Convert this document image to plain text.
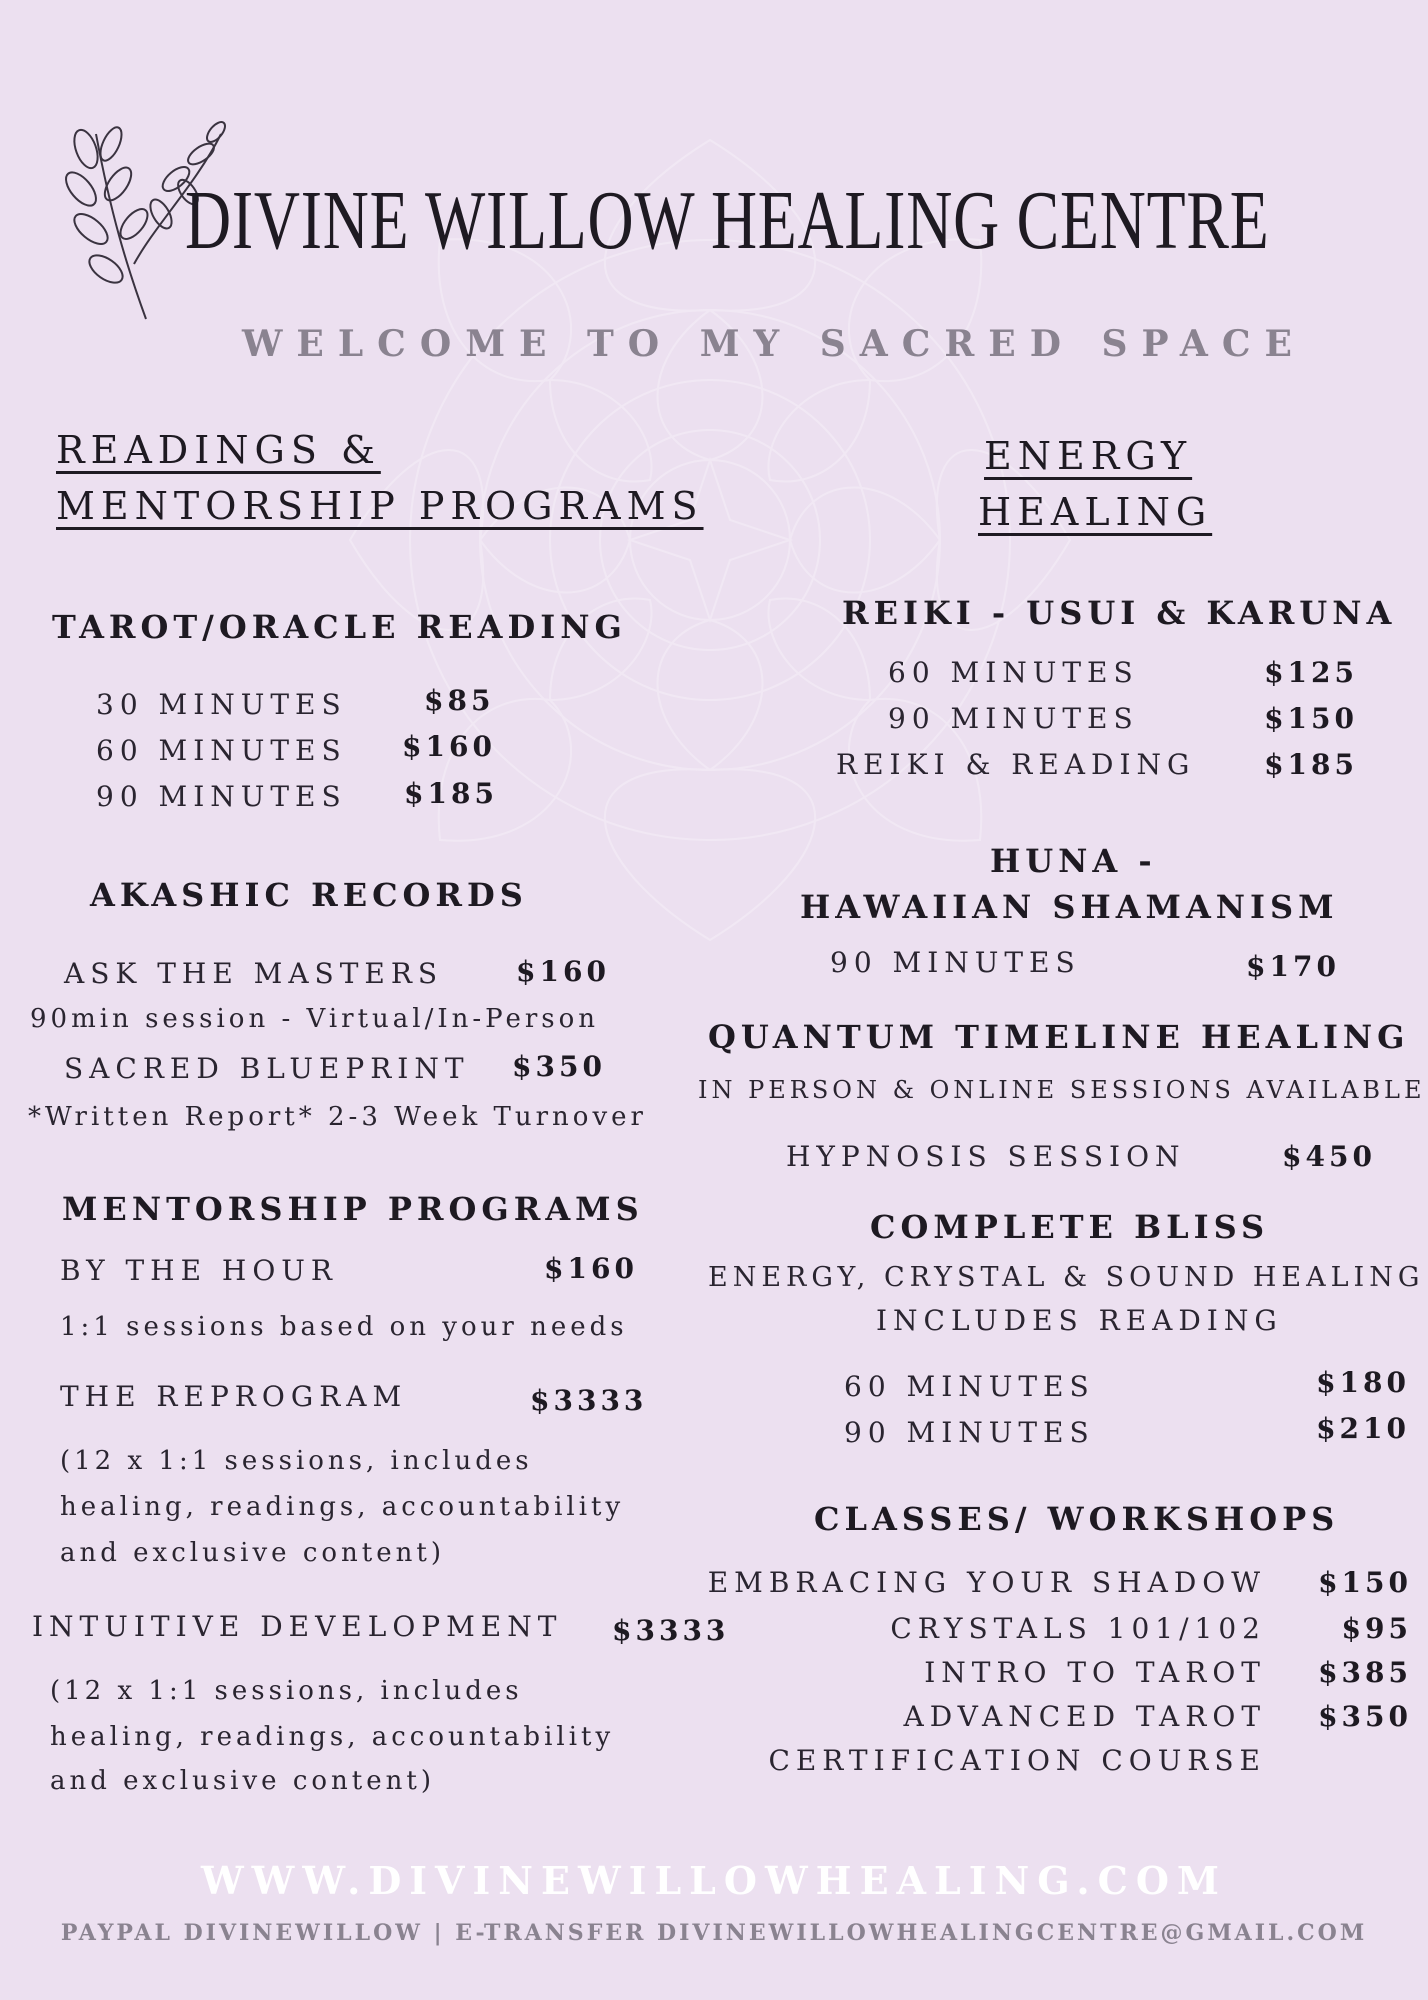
DIVINE WILLOW HEALING CENTRE
WELCOME TO MY SACRED SPACE
READINGS &
MENTORSHIP PROGRAMS
TAROT/ORACLE READING
30 MINUTES	$85
60 MINUTES $160
90 MINUTES $185
AKASHIC RECORDS
ASK THE MASTERS	$160
90min session - Virtual/In-Person
SACRED BLUEPRINT $350
*Written Report* 2-3 Week Turnover
MENTORSHIP PROGRAMS
BY THE HOUR	$160
1:1 sessions based on your needs
THE REPROGRAM	$3333
(12 x 1:1 sessions, includes
healing, readings, accountability
and exclusive content)
INTUITIVE DEVELOPMENT $3333
(12 x 1:1 sessions, includes
healing, readings, accountability
and exclusive content)
ENERGY
HEALING
REIKI - USUI & KARUNA
60 MINUTES	$125
90 MINUTES	$150
REIKI & READING	$185
HUNA -
HAWAIIAN SHAMANISM
90 MINUTES	$170
QUANTUM TIMELINE HEALING
IN PERSON & ONLINE SESSIONS AVAILABLE
HYPNOSIS SESSION	$450
COMPLETE BLISS
ENERGY, CRYSTAL & SOUND HEALING
INCLUDES READING
60 MINUTES	$180
90 MINUTES	$210
CLASSES/ WORKSHOPS
EMBRACING YOUR SHADOW	$150
CRYSTALS 101/102	$95
INTRO TO TAROT	$385
ADVANCED TAROT	$350
CERTIFICATION COURSE
WWW.DIVINEWILLOWHEALING.COM
PAYPAL DIVINEWILLOW | E-TRANSFER DIVINEWILLOWHEALINGCENTRE@GMAIL.COM
